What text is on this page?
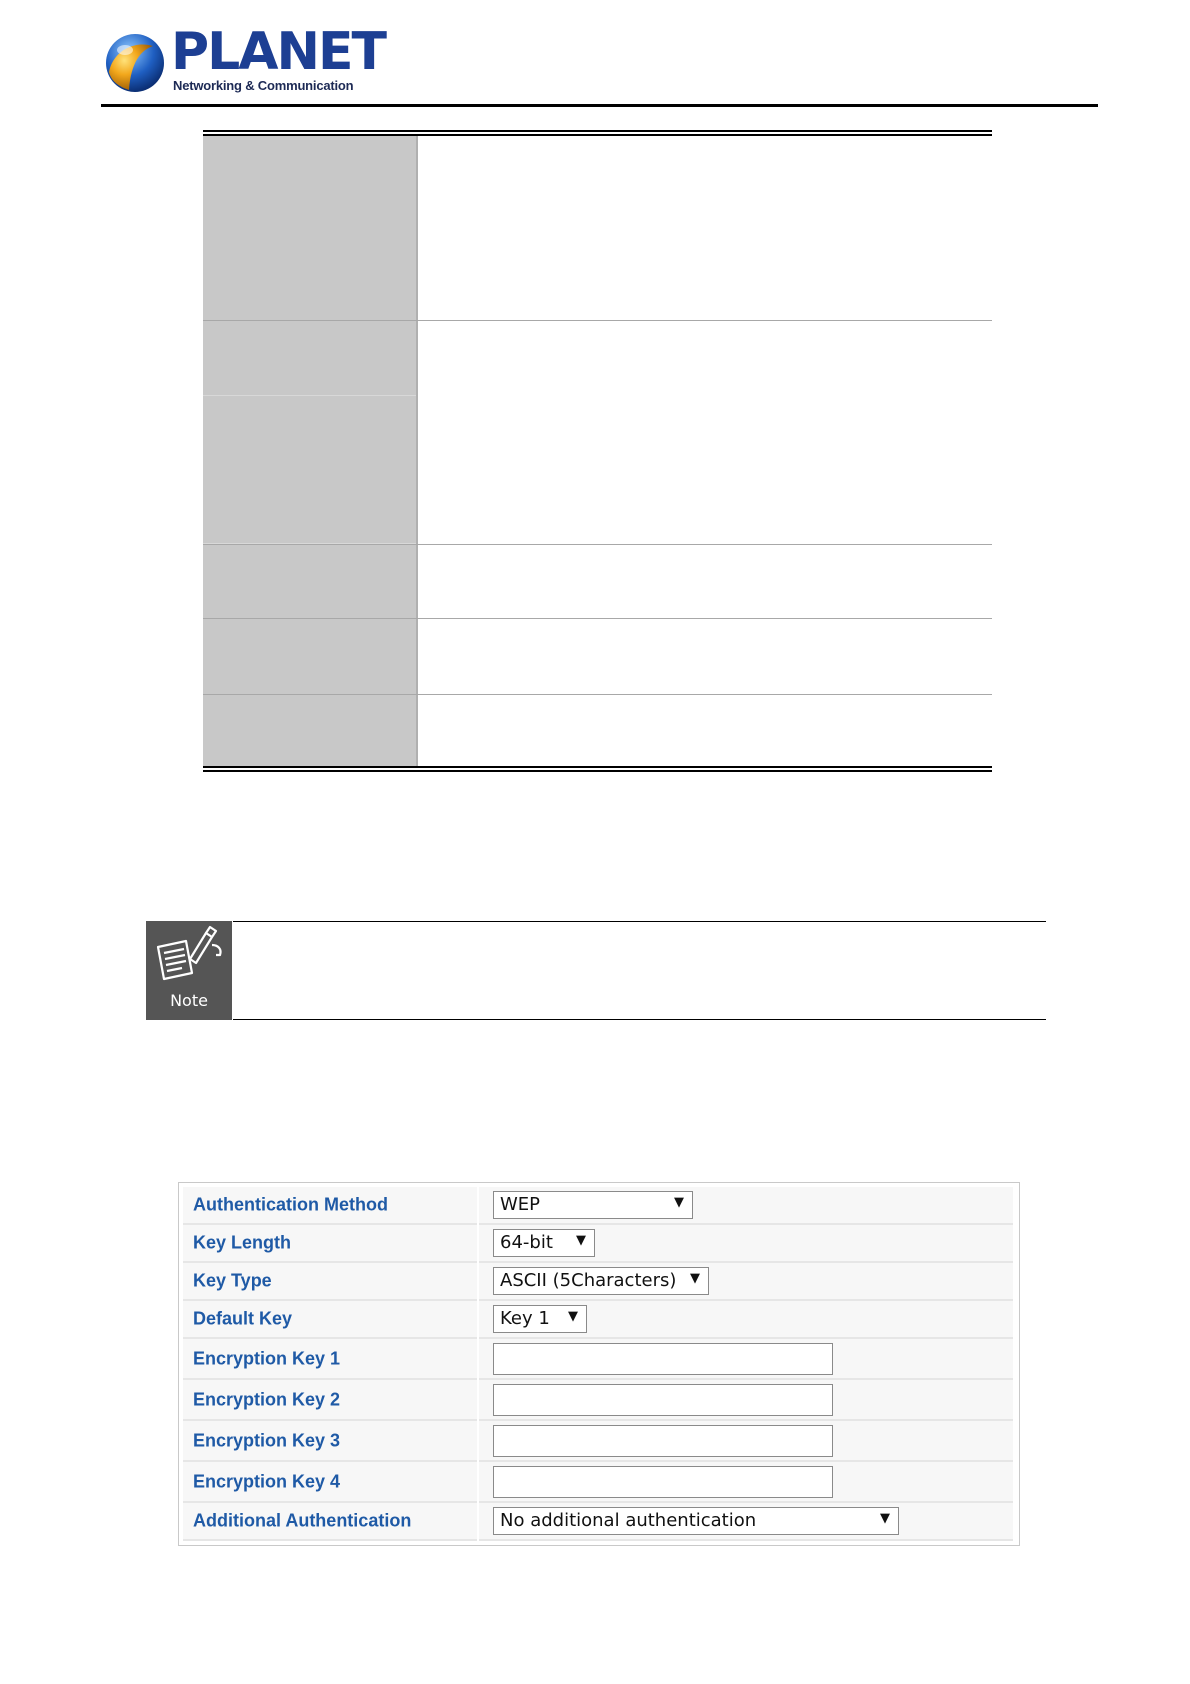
PLANET
Networking & Communication
Note
Authentication Method	WEP	▼
Key Length	64-bit ▼
Key Type	ASCII (5Characters) ▼
Default Key	Key 1 ▼
Encryption Key 1
Encryption Key 2
Encryption Key 3
Encryption Key 4
Additional Authentication	No additional authentication	▼
